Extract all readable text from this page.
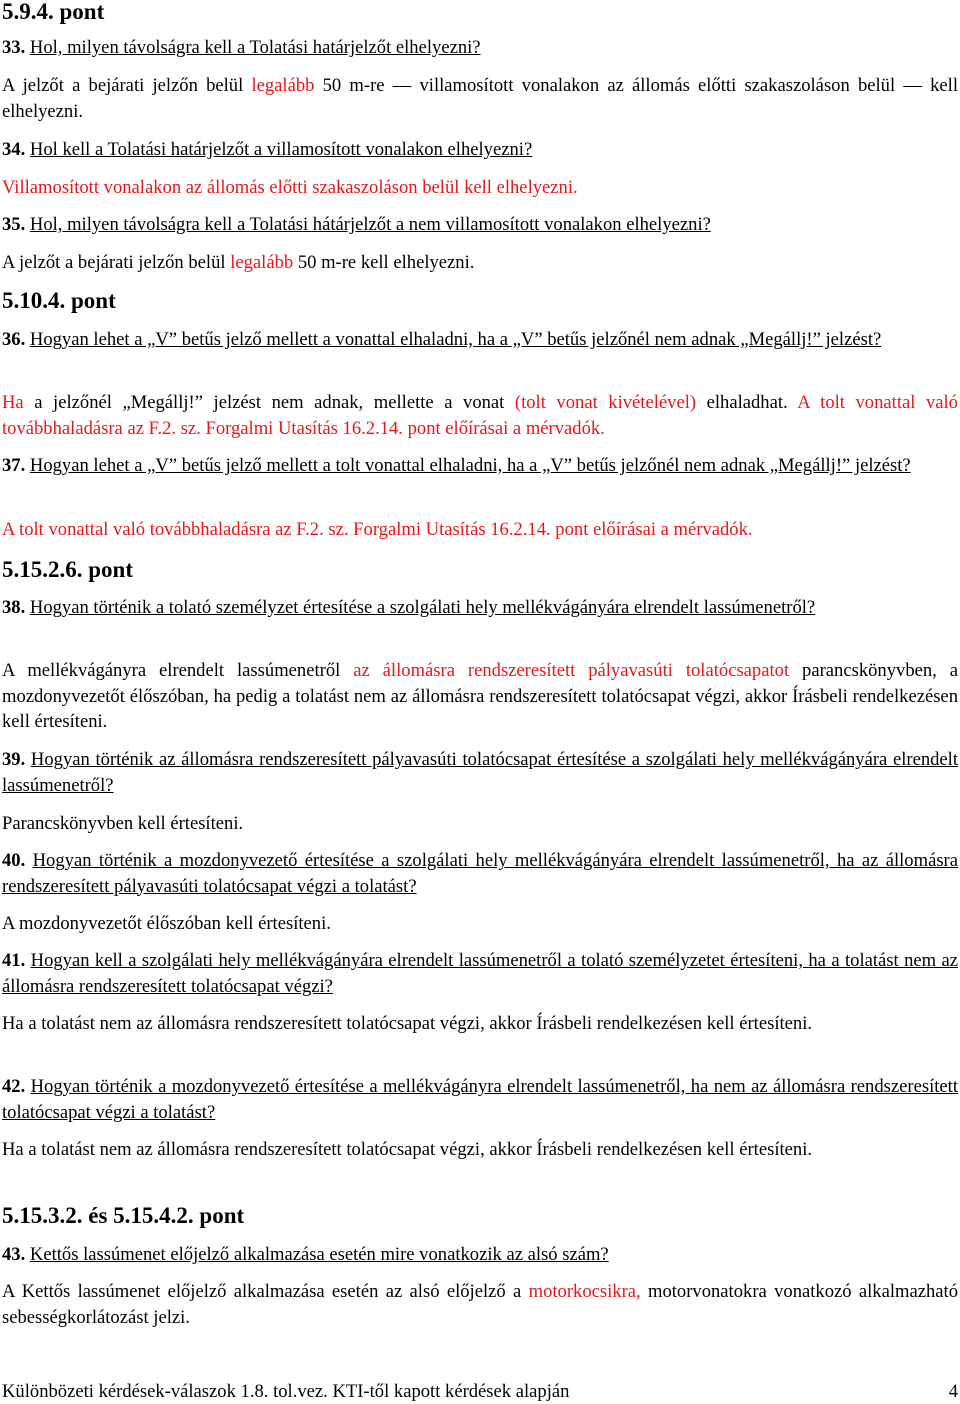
5.9.4. pont

33. Hol, milyen távolságra kell a Tolatási határjelzőt elhelyezni?

A jelzőt a bejárati jelzőn belül legalább 50 m-re — villamosított vonalakon az állomás előtti szakaszoláson belül — kell elhelyezni.

34. Hol kell a Tolatási határjelzőt a villamosított vonalakon elhelyezni?

Villamosított vonalakon az állomás előtti szakaszoláson belül kell elhelyezni.

35. Hol, milyen távolságra kell a Tolatási hátárjelzőt a nem villamosított vonalakon elhelyezni?

A jelzőt a bejárati jelzőn belül legalább 50 m-re kell elhelyezni.

5.10.4. pont

36. Hogyan lehet a „V” betűs jelző mellett a vonattal elhaladni, ha a „V” betűs jelzőnél nem adnak „Megállj!” jelzést?

Ha a jelzőnél „Megállj!” jelzést nem adnak, mellette a vonat (tolt vonat kivételével) elhaladhat. A tolt vonattal való továbbhaladásra az F.2. sz. Forgalmi Utasítás 16.2.14. pont előírásai a mérvadók.

37. Hogyan lehet a „V” betűs jelző mellett a tolt vonattal elhaladni, ha a „V” betűs jelzőnél nem adnak „Megállj!” jelzést?

A tolt vonattal való továbbhaladásra az F.2. sz. Forgalmi Utasítás 16.2.14. pont előírásai a mérvadók.

5.15.2.6. pont

38. Hogyan történik a tolató személyzet értesítése a szolgálati hely mellékvágányára elrendelt lassúmenetről?

A mellékvágányra elrendelt lassúmenetről az állomásra rendszeresített pályavasúti tolatócsapatot parancskönyvben, a mozdonyvezetőt élőszóban, ha pedig a tolatást nem az állomásra rendszeresített tolatócsapat végzi, akkor Írásbeli rendelkezésen kell értesíteni.

39. Hogyan történik az állomásra rendszeresített pályavasúti tolatócsapat értesítése a szolgálati hely mellékvágányára elrendelt lassúmenetről?

Parancskönyvben kell értesíteni.

40. Hogyan történik a mozdonyvezető értesítése a szolgálati hely mellékvágányára elrendelt lassúmenetről, ha az állomásra rendszeresített pályavasúti tolatócsapat végzi a tolatást?

A mozdonyvezetőt élőszóban kell értesíteni.

41. Hogyan kell a szolgálati hely mellékvágányára elrendelt lassúmenetről a tolató személyzetet értesíteni, ha a tolatást nem az állomásra rendszeresített tolatócsapat végzi?

Ha a tolatást nem az állomásra rendszeresített tolatócsapat végzi, akkor Írásbeli rendelkezésen kell értesíteni.

42. Hogyan történik a mozdonyvezető értesítése a mellékvágányra elrendelt lassúmenetről, ha nem az állomásra rendszeresített tolatócsapat végzi a tolatást?

Ha a tolatást nem az állomásra rendszeresített tolatócsapat végzi, akkor Írásbeli rendelkezésen kell értesíteni.

5.15.3.2. és 5.15.4.2. pont

43. Kettős lassúmenet előjelző alkalmazása esetén mire vonatkozik az alsó szám?

A Kettős lassúmenet előjelző alkalmazása esetén az alsó előjelző a motorkocsikra, motorvonatokra vonatkozó alkalmazható sebességkorlátozást jelzi.

Különbözeti kérdések-válaszok 1.8. tol.vez. KTI-től kapott kérdések alapján	4
